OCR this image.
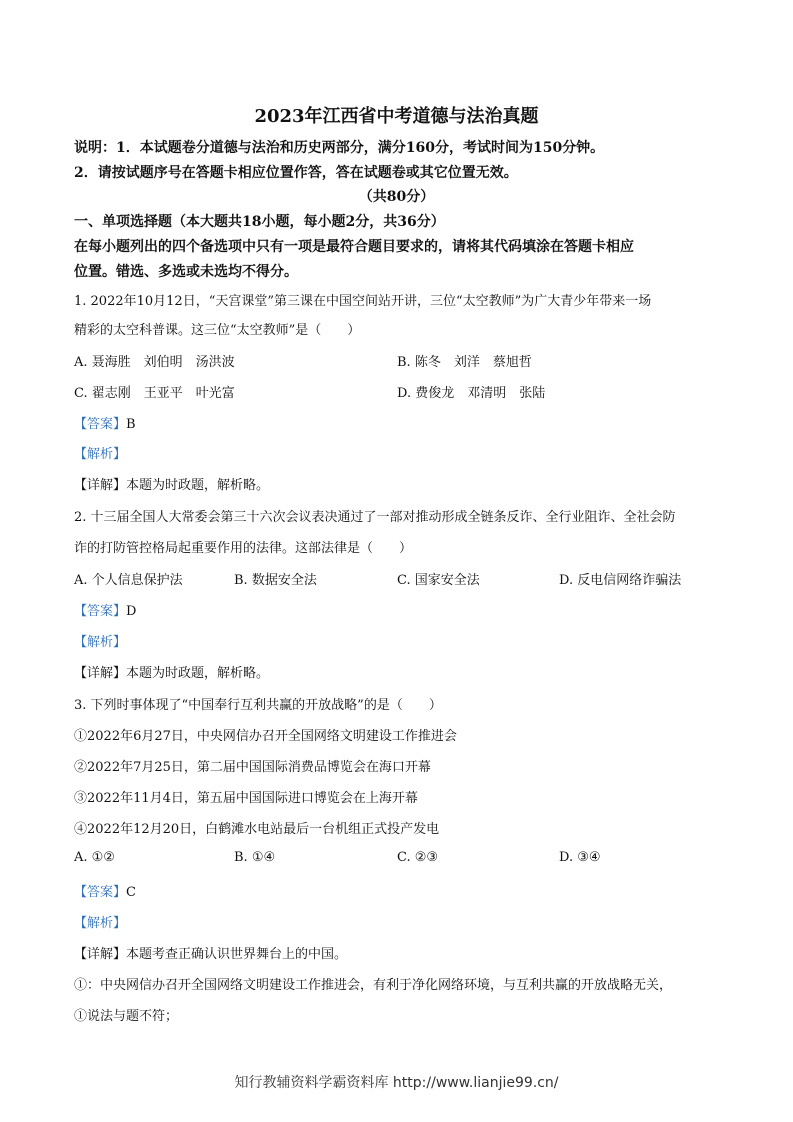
2023年江西省中考道德与法治真题
说明：1．本试题卷分道德与法治和历史两部分，满分160分，考试时间为150分钟。
2．请按试题序号在答题卡相应位置作答，答在试题卷或其它位置无效。
（共80分）
一、单项选择题（本大题共18小题，每小题2分，共36分）
在每小题列出的四个备选项中只有一项是最符合题目要求的，请将其代码填涂在答题卡相应
位置。错选、多选或未选均不得分。
1. 2022年10月12日，“天宫课堂”第三课在中国空间站开讲，三位“太空教师”为广大青少年带来一场
精彩的太空科普课。这三位“太空教师”是（　　）
A. 聂海胜　刘伯明　汤洪波	B. 陈冬　刘洋　蔡旭哲
C. 翟志刚　王亚平　叶光富	D. 费俊龙　邓清明　张陆
【答案】B
【解析】
【详解】本题为时政题，解析略。
2. 十三届全国人大常委会第三十六次会议表决通过了一部对推动形成全链条反诈、全行业阻诈、全社会防
诈的打防管控格局起重要作用的法律。这部法律是（　　）
A. 个人信息保护法	B. 数据安全法	C. 国家安全法	D. 反电信网络诈骗法
【答案】D
【解析】
【详解】本题为时政题，解析略。
3. 下列时事体现了“中国奉行互利共赢的开放战略”的是（　　）
①2022年6月27日，中央网信办召开全国网络文明建设工作推进会
②2022年7月25日，第二届中国国际消费品博览会在海口开幕
③2022年11月4日，第五届中国国际进口博览会在上海开幕
④2022年12月20日，白鹤滩水电站最后一台机组正式投产发电
A. ①②	B. ①④	C. ②③	D. ③④
【答案】C
【解析】
【详解】本题考查正确认识世界舞台上的中国。
①：中央网信办召开全国网络文明建设工作推进会，有利于净化网络环境，与互利共赢的开放战略无关，
①说法与题不符；
知行教辅资料学霸资料库 http://www.lianjie99.cn/
